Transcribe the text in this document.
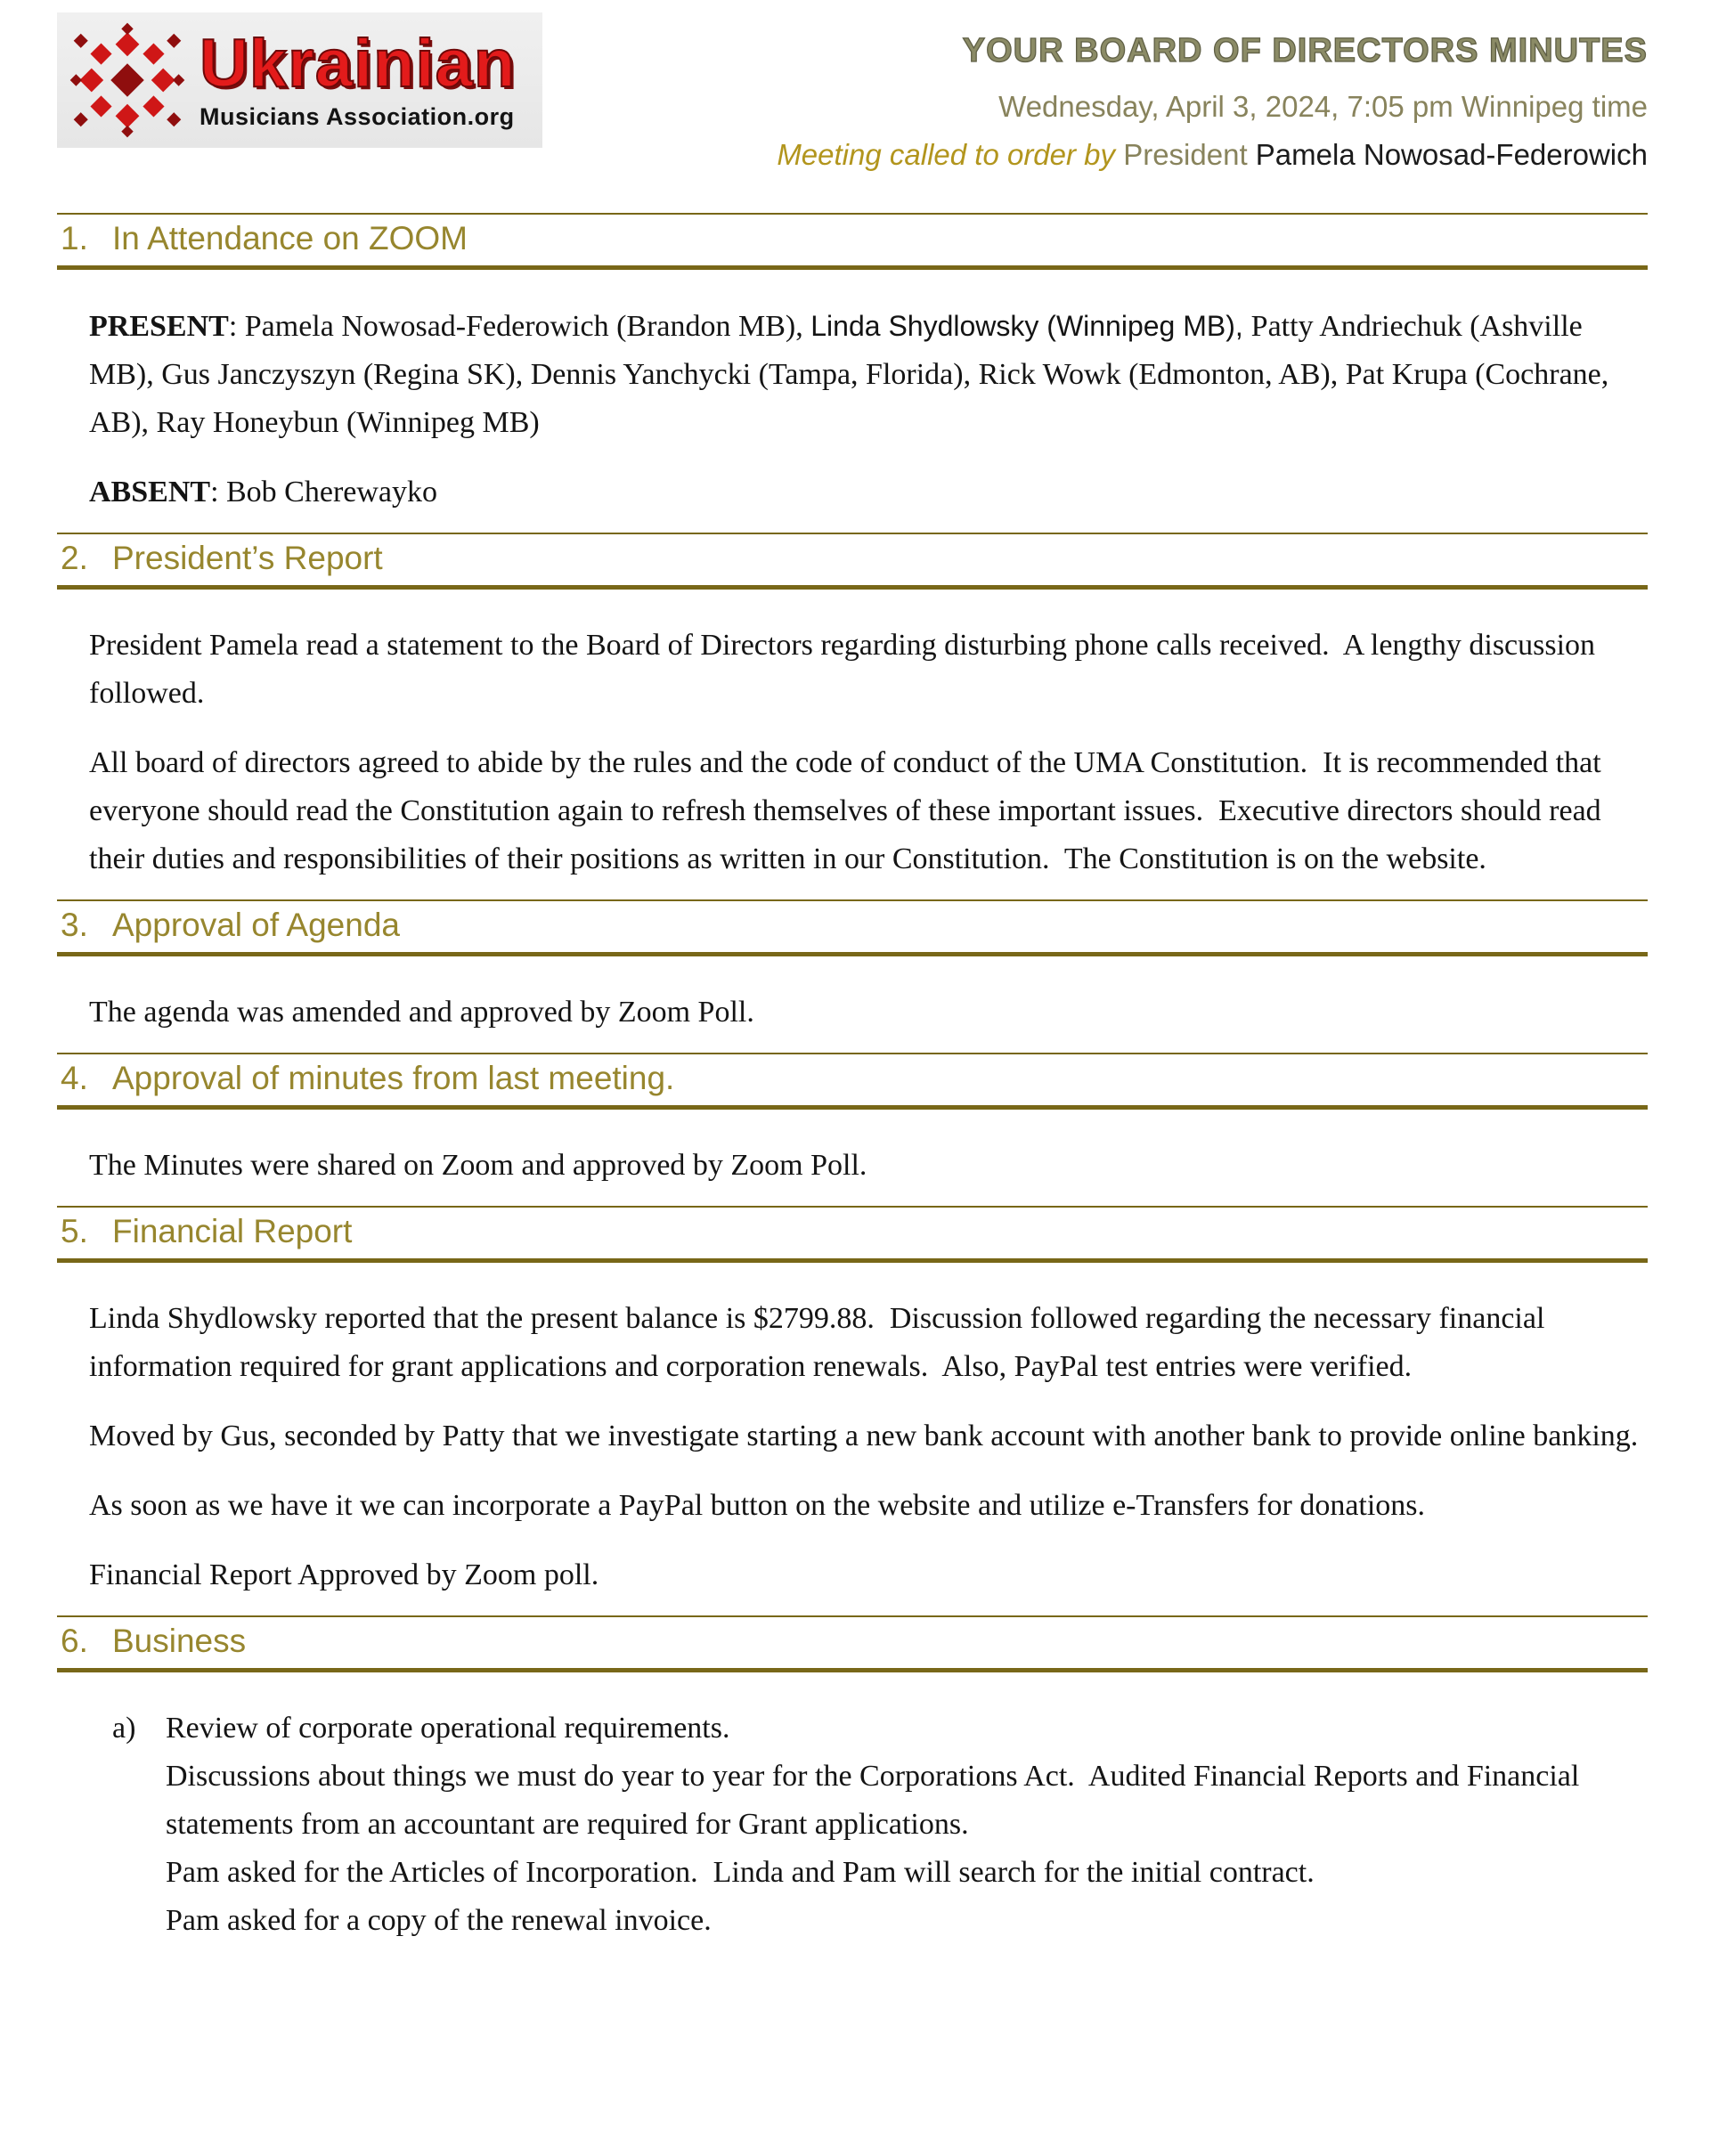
Ukrainian
Musicians Association.org
YOUR BOARD OF DIRECTORS MINUTES
Wednesday, April 3, 2024, 7:05 pm Winnipeg time
Meeting called to order by President Pamela Nowosad-Federowich
1. In Attendance on ZOOM

PRESENT: Pamela Nowosad-Federowich (Brandon MB), Linda Shydlowsky (Winnipeg MB), Patty Andriechuk (Ashville MB), Gus Janczyszyn (Regina SK), Dennis Yanchycki (Tampa, Florida), Rick Wowk (Edmonton, AB), Pat Krupa (Cochrane, AB), Ray Honeybun (Winnipeg MB)

ABSENT: Bob Cherewayko

2. President’s Report

President Pamela read a statement to the Board of Directors regarding disturbing phone calls received.  A lengthy discussion followed.

All board of directors agreed to abide by the rules and the code of conduct of the UMA Constitution.  It is recommended that everyone should read the Constitution again to refresh themselves of these important issues.  Executive directors should read their duties and responsibilities of their positions as written in our Constitution.  The Constitution is on the website.

3. Approval of Agenda

The agenda was amended and approved by Zoom Poll.

4. Approval of minutes from last meeting.

The Minutes were shared on Zoom and approved by Zoom Poll.

5. Financial Report

Linda Shydlowsky reported that the present balance is $2799.88.  Discussion followed regarding the necessary financial information required for grant applications and corporation renewals.  Also, PayPal test entries were verified.

Moved by Gus, seconded by Patty that we investigate starting a new bank account with another bank to provide online banking.

As soon as we have it we can incorporate a PayPal button on the website and utilize e-Transfers for donations.

Financial Report Approved by Zoom poll.

6. Business
a) Review of corporate operational requirements.

Discussions about things we must do year to year for the Corporations Act.  Audited Financial Reports and Financial statements from an accountant are required for Grant applications.

Pam asked for the Articles of Incorporation.  Linda and Pam will search for the initial contract.

Pam asked for a copy of the renewal invoice.
